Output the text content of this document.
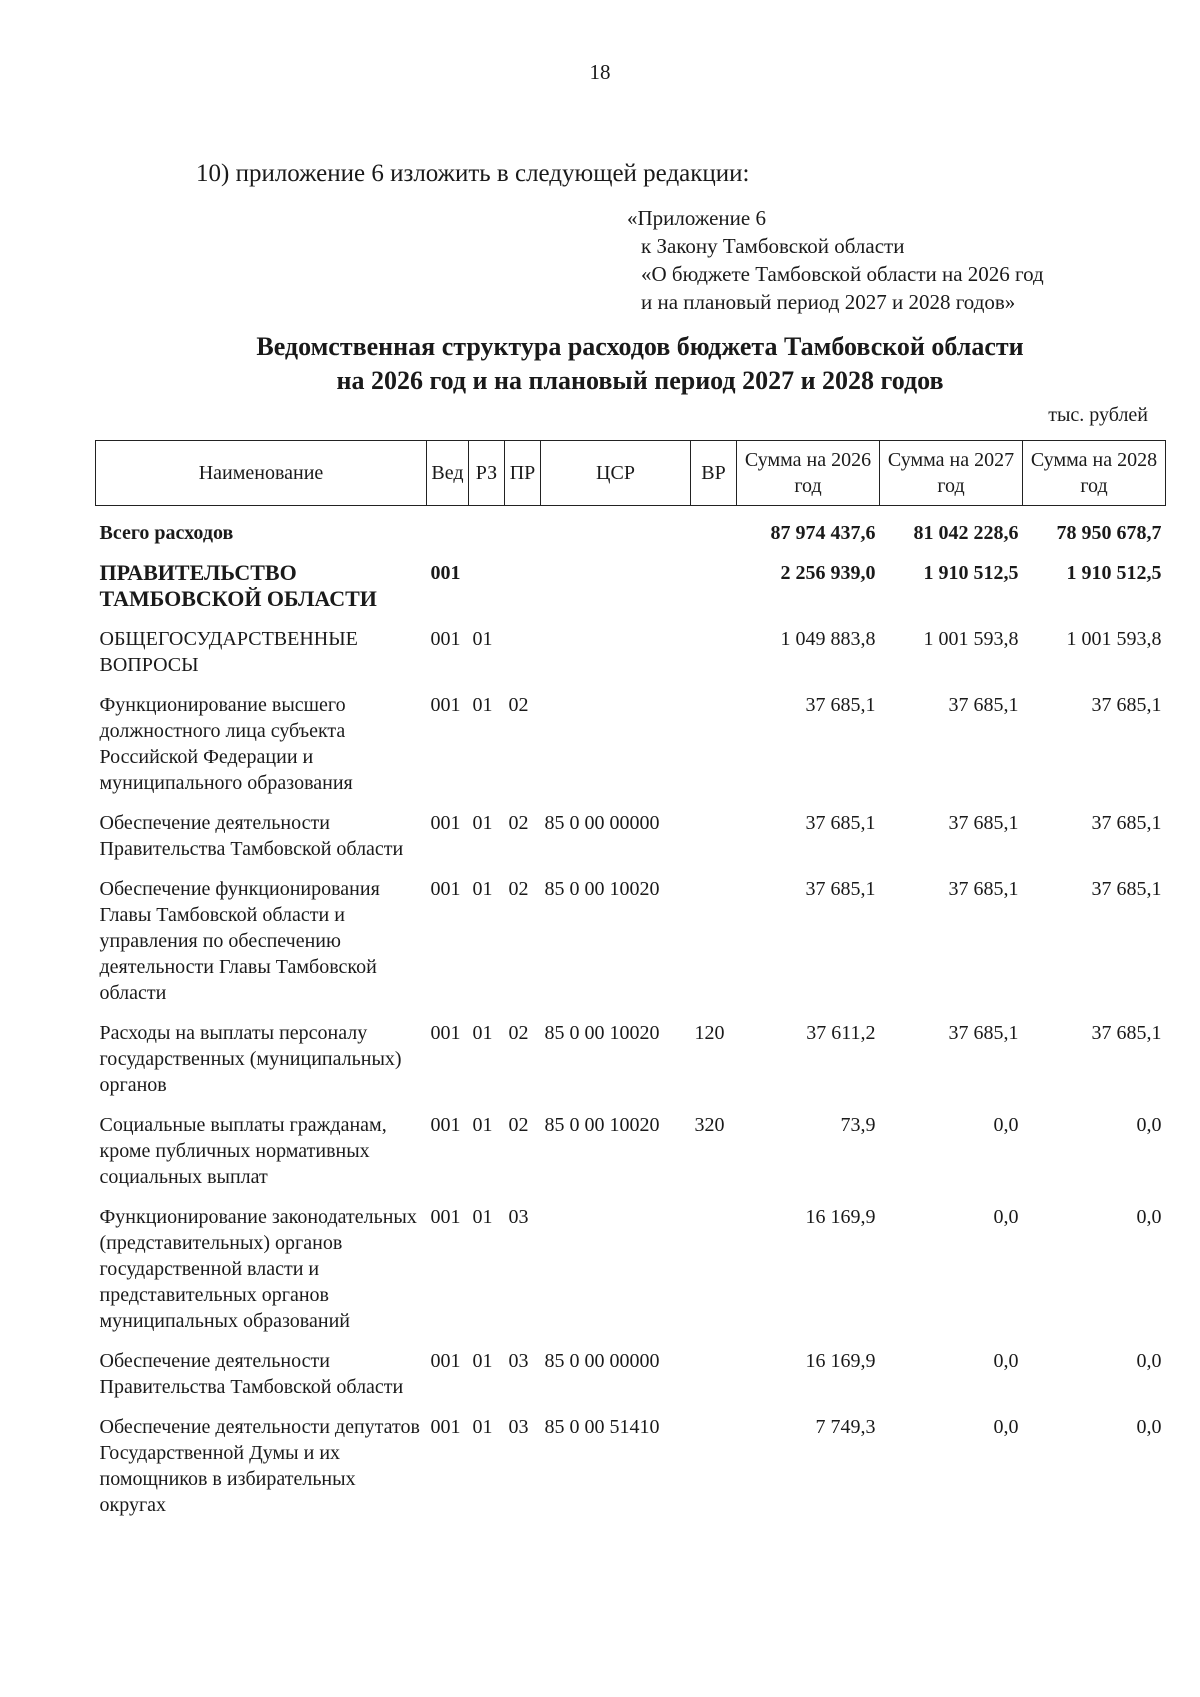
18
10) приложение 6 изложить в следующей редакции:
«Приложение 6
к Закону Тамбовской области
«О бюджете Тамбовской области на 2026 год
и на плановый период 2027 и 2028 годов»
Ведомственная структура расходов бюджета Тамбовской области
на 2026 год и на плановый период 2027 и 2028 годов
тыс. рублей
Наименование	Вед	РЗ	ПР	ЦСР	ВР	Сумма на 2026 год	Сумма на 2027 год	Сумма на 2028 год
Всего расходов						87 974 437,6	81 042 228,6	78 950 678,7
ПРАВИТЕЛЬСТВО ТАМБОВСКОЙ ОБЛАСТИ	001					2 256 939,0	1 910 512,5	1 910 512,5
ОБЩЕГОСУДАРСТВЕННЫЕ ВОПРОСЫ	001	01				1 049 883,8	1 001 593,8	1 001 593,8
Функционирование высшего должностного лица субъекта Российской Федерации и муниципального образования	001	01	02			37 685,1	37 685,1	37 685,1
Обеспечение деятельности Правительства Тамбовской области	001	01	02	85 0 00 00000		37 685,1	37 685,1	37 685,1
Обеспечение функционирования Главы Тамбовской области и управления по обеспечению деятельности Главы Тамбовской области	001	01	02	85 0 00 10020		37 685,1	37 685,1	37 685,1
Расходы на выплаты персоналу государственных (муниципальных) органов	001	01	02	85 0 00 10020	120	37 611,2	37 685,1	37 685,1
Социальные выплаты гражданам, кроме публичных нормативных социальных выплат	001	01	02	85 0 00 10020	320	73,9	0,0	0,0
Функционирование законодательных (представительных) органов государственной власти и представительных органов муниципальных образований	001	01	03			16 169,9	0,0	0,0
Обеспечение деятельности Правительства Тамбовской области	001	01	03	85 0 00 00000		16 169,9	0,0	0,0
Обеспечение деятельности депутатов Государственной Думы и их помощников в избирательных округах	001	01	03	85 0 00 51410		7 749,3	0,0	0,0
